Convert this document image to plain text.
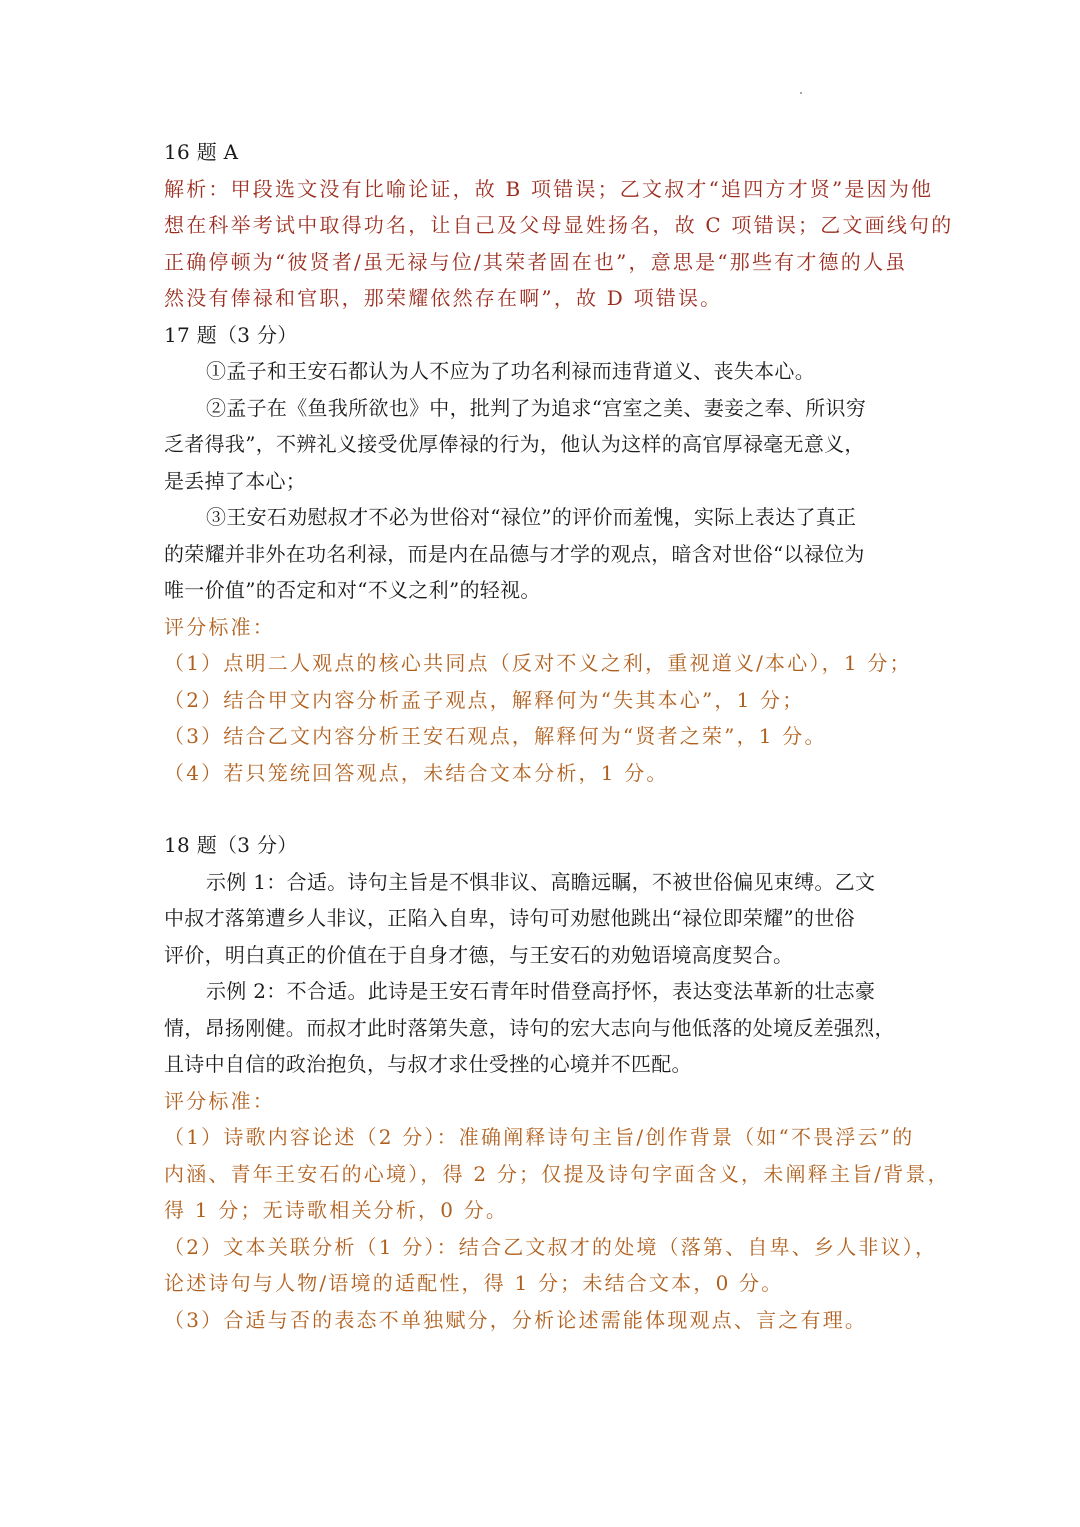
16 题 A
解析：甲段选文没有比喻论证，故 B 项错误；乙文叔才“追四方才贤”是因为他
想在科举考试中取得功名，让自己及父母显姓扬名，故 C 项错误；乙文画线句的
正确停顿为“彼贤者/虽无禄与位/其荣者固在也”，意思是“那些有才德的人虽
然没有俸禄和官职，那荣耀依然存在啊”，故 D 项错误。
17 题（3 分）
①孟子和王安石都认为人不应为了功名利禄而违背道义、丧失本心。
②孟子在《鱼我所欲也》中，批判了为追求“宫室之美、妻妾之奉、所识穷
乏者得我”，不辨礼义接受优厚俸禄的行为，他认为这样的高官厚禄毫无意义，
是丢掉了本心；
③王安石劝慰叔才不必为世俗对“禄位”的评价而羞愧，实际上表达了真正
的荣耀并非外在功名利禄，而是内在品德与才学的观点，暗含对世俗“以禄位为
唯一价值”的否定和对“不义之利”的轻视。
评分标准：
（1）点明二人观点的核心共同点（反对不义之利，重视道义/本心），1 分；
（2）结合甲文内容分析孟子观点，解释何为“失其本心”，1 分；
（3）结合乙文内容分析王安石观点，解释何为“贤者之荣”，1 分。
（4）若只笼统回答观点，未结合文本分析，1 分。
18 题（3 分）
示例 1：合适。诗句主旨是不惧非议、高瞻远瞩，不被世俗偏见束缚。乙文
中叔才落第遭乡人非议，正陷入自卑，诗句可劝慰他跳出“禄位即荣耀”的世俗
评价，明白真正的价值在于自身才德，与王安石的劝勉语境高度契合。
示例 2：不合适。此诗是王安石青年时借登高抒怀，表达变法革新的壮志豪
情，昂扬刚健。而叔才此时落第失意，诗句的宏大志向与他低落的处境反差强烈，
且诗中自信的政治抱负，与叔才求仕受挫的心境并不匹配。
评分标准：
（1）诗歌内容论述（2 分）：准确阐释诗句主旨/创作背景（如“不畏浮云”的
内涵、青年王安石的心境），得 2 分；仅提及诗句字面含义，未阐释主旨/背景，
得 1 分；无诗歌相关分析，0 分。
（2）文本关联分析（1 分）：结合乙文叔才的处境（落第、自卑、乡人非议），
论述诗句与人物/语境的适配性，得 1 分；未结合文本，0 分。
（3）合适与否的表态不单独赋分，分析论述需能体现观点、言之有理。
